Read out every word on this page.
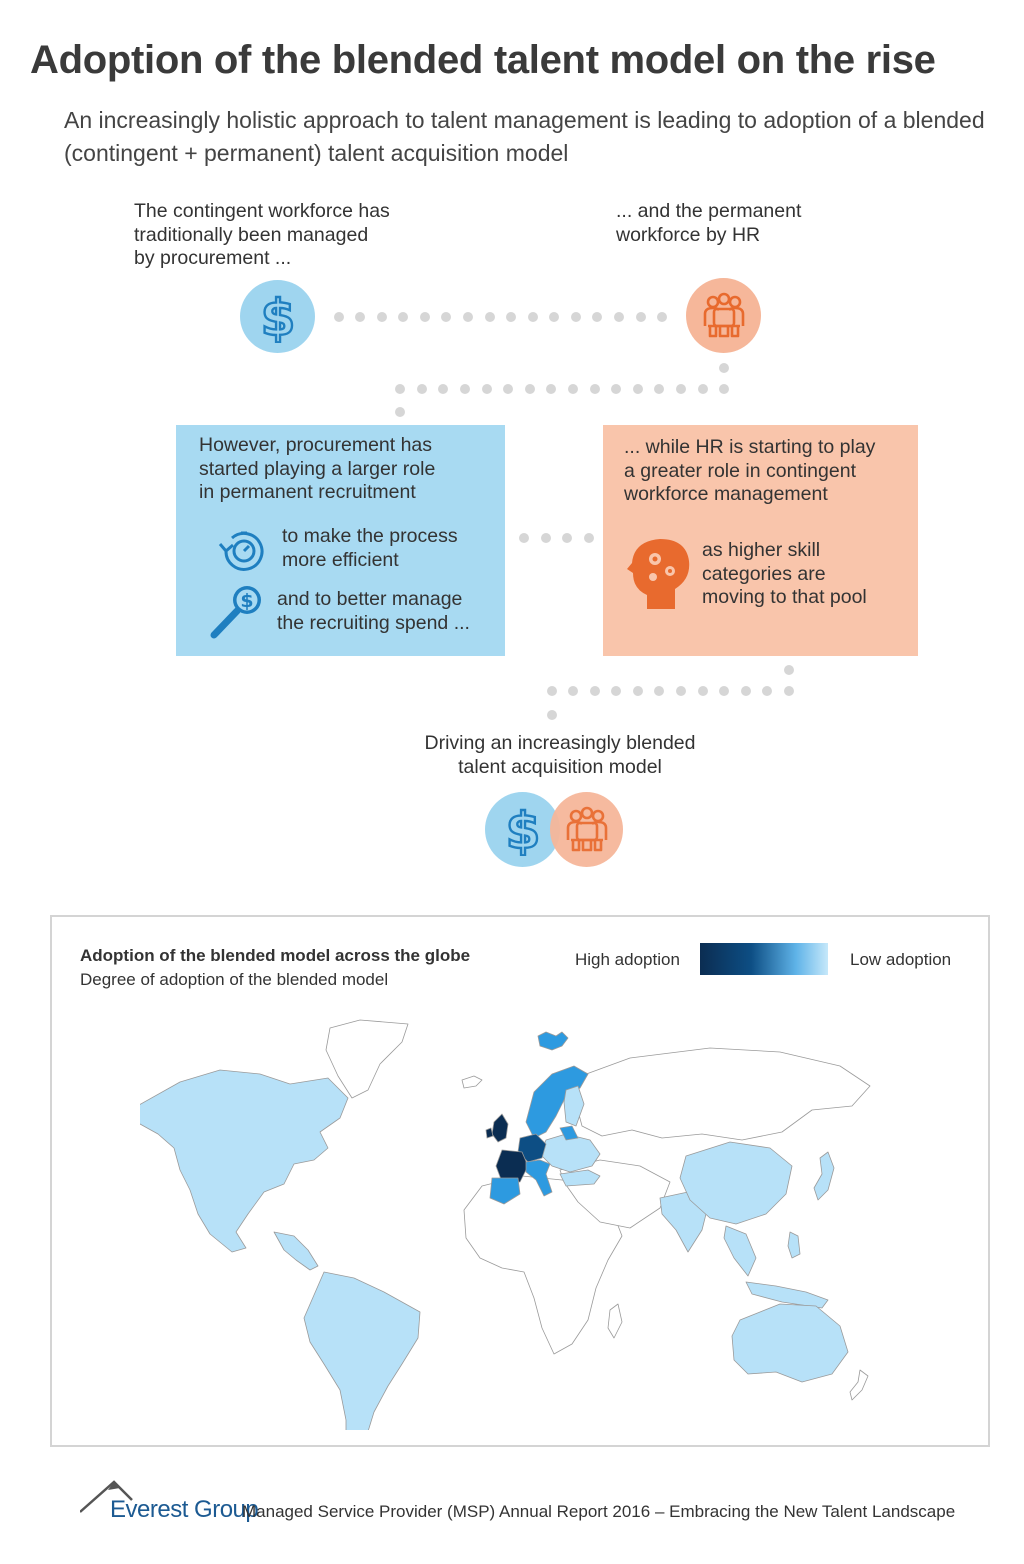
Adoption of the blended talent model on the rise
An increasingly holistic approach to talent management is leading to adoption of a blended (contingent + permanent) talent acquisition model
The contingent workforce has
traditionally been managed
by procurement ...
... and the permanent
workforce by HR
$
However, procurement has
started playing a larger role
in permanent recruitment
to make the process
more efficient
$ and to better manage
the recruiting spend ...
... while HR is starting to play
a greater role in contingent
workforce management
as higher skill
categories are
moving to that pool
Driving an increasingly blended
talent acquisition model
$
Adoption of the blended model across the globe
Degree of adoption of the blended model
High adoption	Low adoption
Everest Group
Managed Service Provider (MSP) Annual Report 2016 – Embracing the New Talent Landscape
